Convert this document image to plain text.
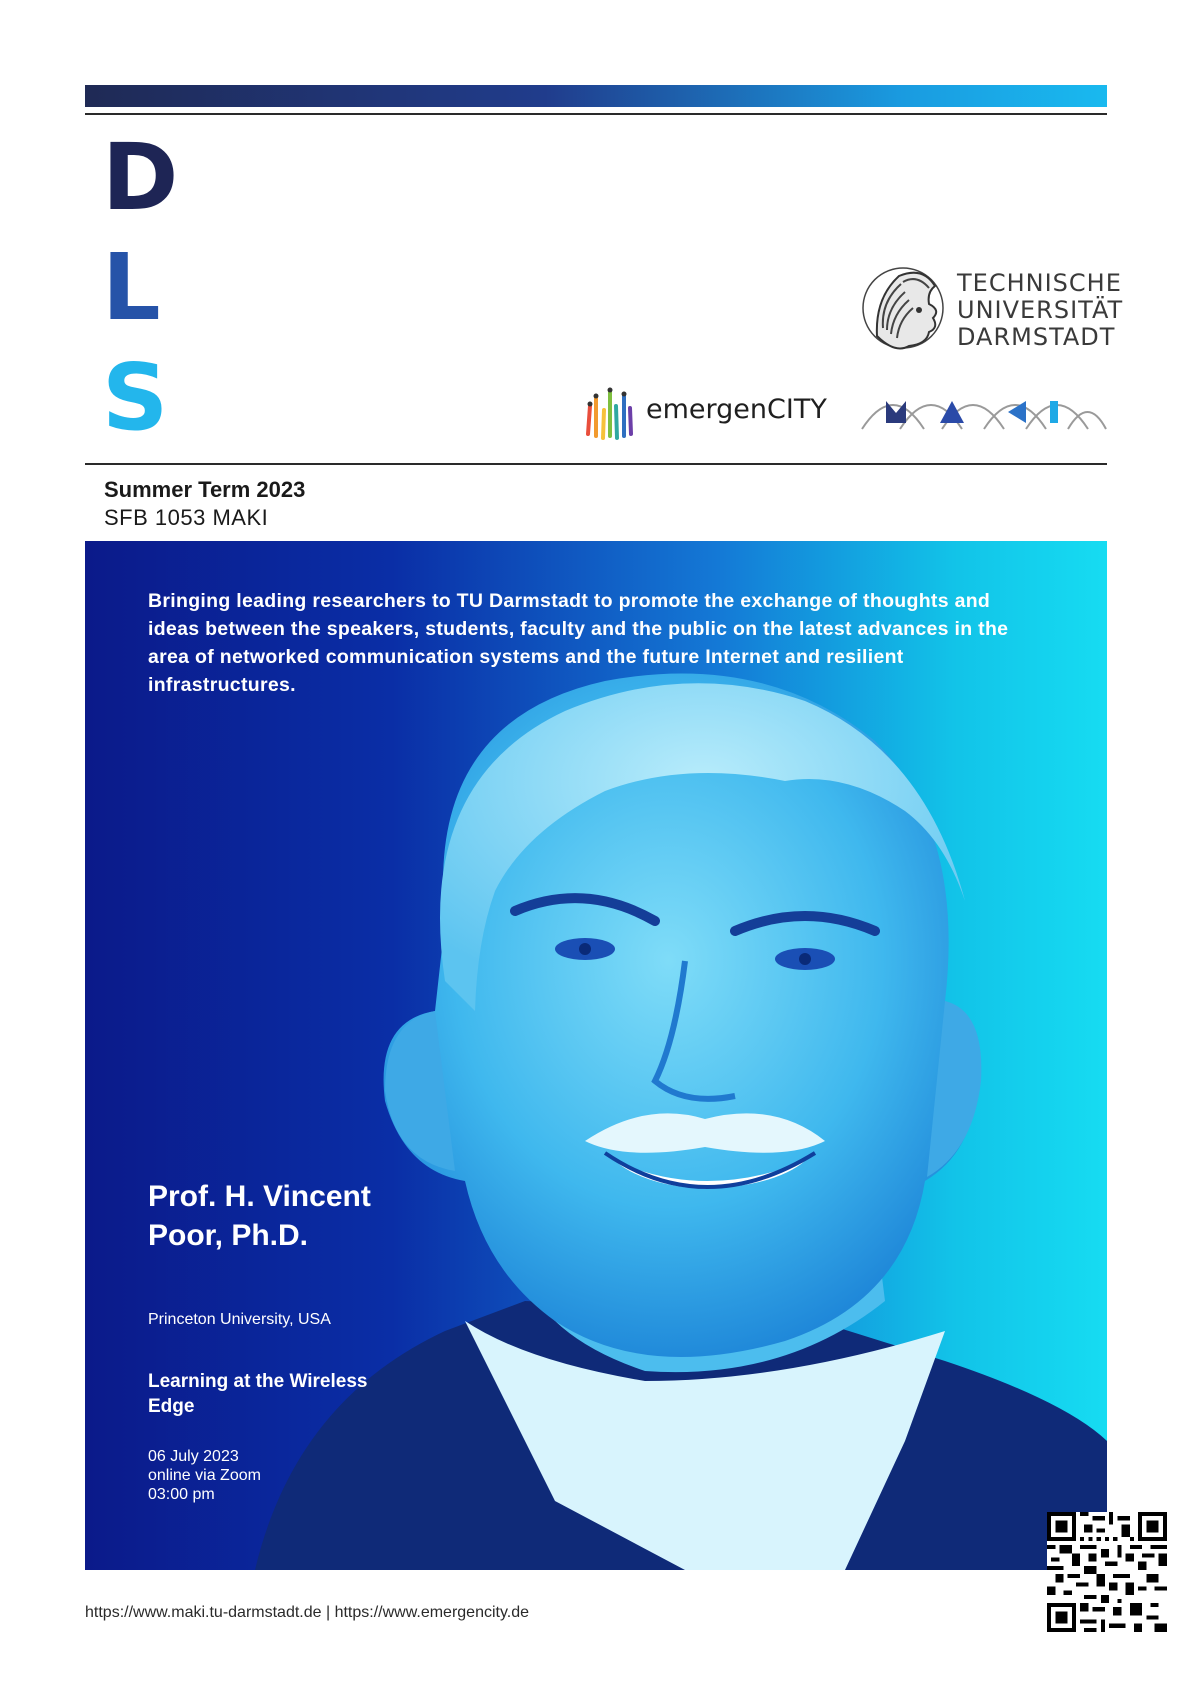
DISTINGUISHED
LECTURE
SERIES
TECHNISCHE
UNIVERSITÄT
DARMSTADT
emergenCITY
Summer Term 2023
SFB 1053 MAKI

Bringing leading researchers to TU Darmstadt to promote the exchange of thoughts and ideas between the speakers, students, faculty and the public on the latest advances in the area of networked communication systems and the future Internet and resilient infrastructures.

Prof. H. Vincent Poor, Ph.D.
Princeton University, USA
Learning at the Wireless Edge
06 July 2023
online via Zoom
03:00 pm
https://www.maki.tu-darmstadt.de | https://www.emergencity.de
